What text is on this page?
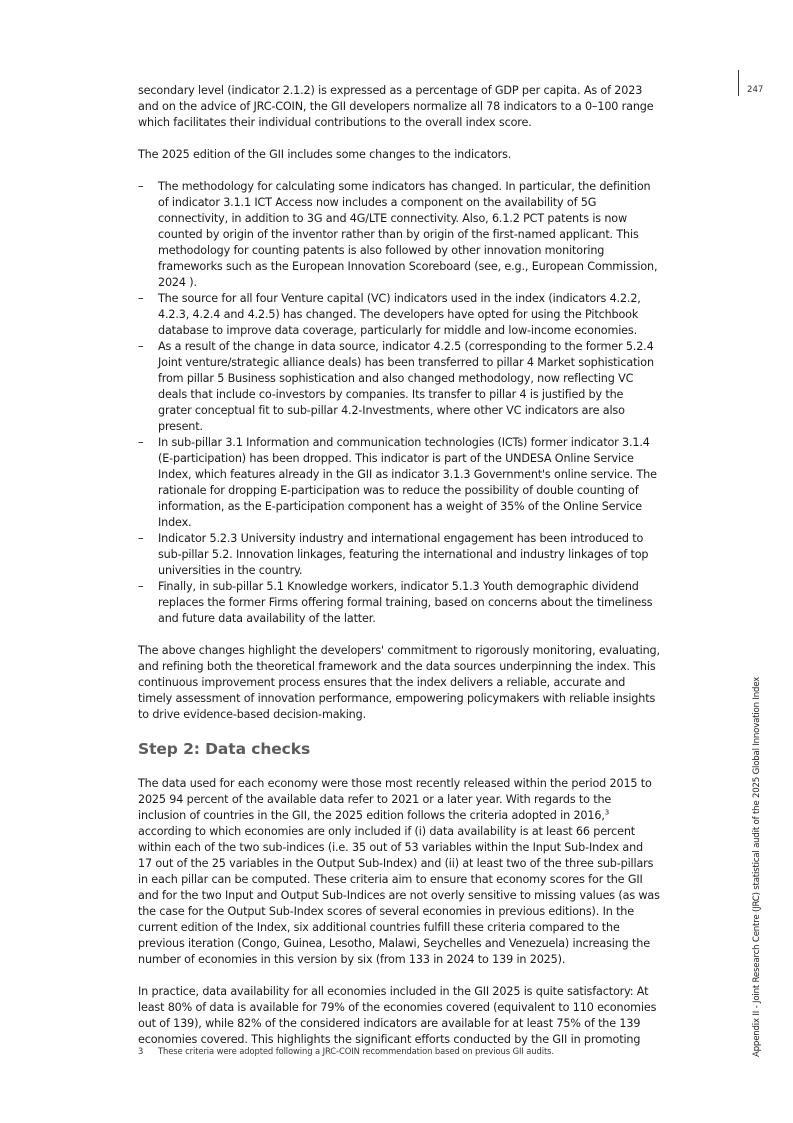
247

secondary level (indicator 2.1.2) is expressed as a percentage of GDP per capita. As of 2023 and on the advice of JRC-COIN, the GII developers normalize all 78 indicators to a 0–100 range which facilitates their individual contributions to the overall index score.

The 2025 edition of the GII includes some changes to the indicators.

– The methodology for calculating some indicators has changed. In particular, the definition of indicator 3.1.1 ICT Access now includes a component on the availability of 5G connectivity, in addition to 3G and 4G/LTE connectivity. Also, 6.1.2 PCT patents is now counted by origin of the inventor rather than by origin of the first-named applicant. This methodology for counting patents is also followed by other innovation monitoring frameworks such as the European Innovation Scoreboard (see, e.g., European Commission, 2024 ).
– The source for all four Venture capital (VC) indicators used in the index (indicators 4.2.2, 4.2.3, 4.2.4 and 4.2.5) has changed. The developers have opted for using the Pitchbook database to improve data coverage, particularly for middle and low-income economies.
– As a result of the change in data source, indicator 4.2.5 (corresponding to the former 5.2.4 Joint venture/strategic alliance deals) has been transferred to pillar 4 Market sophistication from pillar 5 Business sophistication and also changed methodology, now reflecting VC deals that include co-investors by companies. Its transfer to pillar 4 is justified by the grater conceptual fit to sub-pillar 4.2-Investments, where other VC indicators are also present.
– In sub-pillar 3.1 Information and communication technologies (ICTs) former indicator 3.1.4 (E-participation) has been dropped. This indicator is part of the UNDESA Online Service Index, which features already in the GII as indicator 3.1.3 Government's online service. The rationale for dropping E-participation was to reduce the possibility of double counting of information, as the E-participation component has a weight of 35% of the Online Service Index.
– Indicator 5.2.3 University industry and international engagement has been introduced to sub-pillar 5.2. Innovation linkages, featuring the international and industry linkages of top universities in the country.
– Finally, in sub-pillar 5.1 Knowledge workers, indicator 5.1.3 Youth demographic dividend replaces the former Firms offering formal training, based on concerns about the timeliness and future data availability of the latter.

The above changes highlight the developers' commitment to rigorously monitoring, evaluating, and refining both the theoretical framework and the data sources underpinning the index. This continuous improvement process ensures that the index delivers a reliable, accurate and timely assessment of innovation performance, empowering policymakers with reliable insights to drive evidence-based decision-making.

Step 2: Data checks

The data used for each economy were those most recently released within the period 2015 to 2025 94 percent of the available data refer to 2021 or a later year. With regards to the inclusion of countries in the GII, the 2025 edition follows the criteria adopted in 2016,$^3$ according to which economies are only included if (i) data availability is at least 66 percent within each of the two sub-indices (i.e. 35 out of 53 variables within the Input Sub-Index and 17 out of the 25 variables in the Output Sub-Index) and (ii) at least two of the three sub-pillars in each pillar can be computed. These criteria aim to ensure that economy scores for the GII and for the two Input and Output Sub-Indices are not overly sensitive to missing values (as was the case for the Output Sub-Index scores of several economies in previous editions). In the current edition of the Index, six additional countries fulfill these criteria compared to the previous iteration (Congo, Guinea, Lesotho, Malawi, Seychelles and Venezuela) increasing the number of economies in this version by six (from 133 in 2024 to 139 in 2025).

In practice, data availability for all economies included in the GII 2025 is quite satisfactory: At least 80% of data is available for 79% of the economies covered (equivalent to 110 economies out of 139), while 82% of the considered indicators are available for at least 75% of the 139 economies covered. This highlights the significant efforts conducted by the GII in promoting

3 These criteria were adopted following a JRC-COIN recommendation based on previous GII audits.	Appendix II - Joint Research Centre (JRC) statistical audit of the 2025 Global Innovation Index
